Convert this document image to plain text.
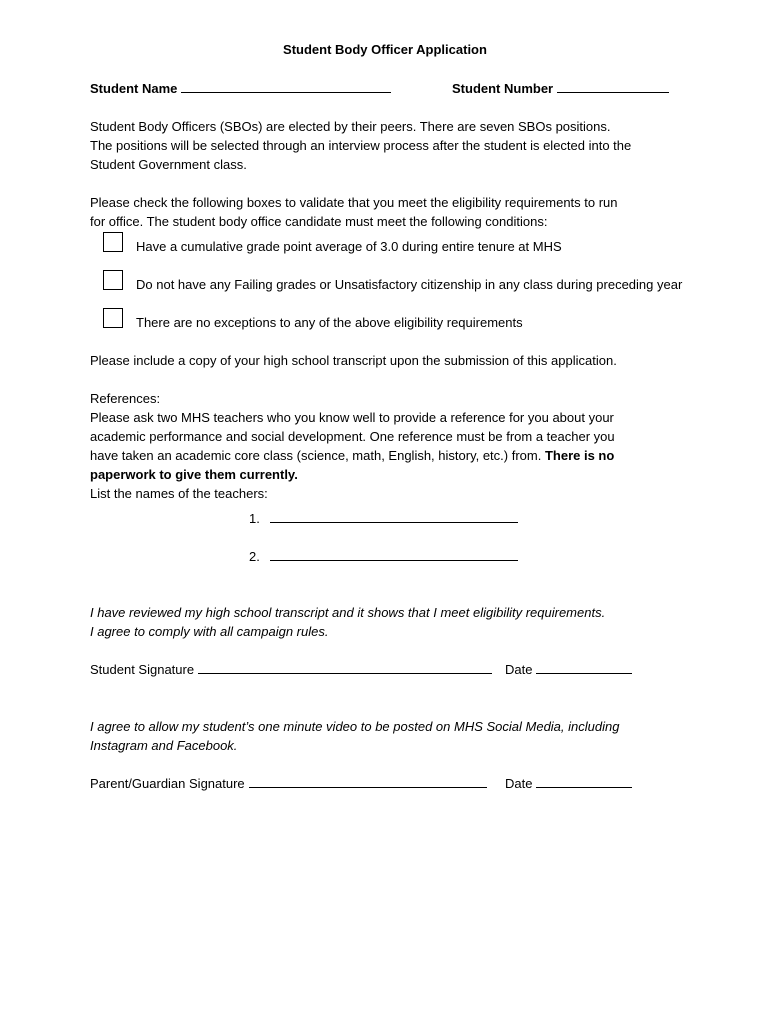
Student Body Officer Application
Student Name	Student Number
Student Body Officers (SBOs) are elected by their peers. There are seven SBOs positions.
The positions will be selected through an interview process after the student is elected into the
Student Government class.
Please check the following boxes to validate that you meet the eligibility requirements to run
for office. The student body office candidate must meet the following conditions:
Have a cumulative grade point average of 3.0 during entire tenure at MHS
Do not have any Failing grades or Unsatisfactory citizenship in any class during preceding year
There are no exceptions to any of the above eligibility requirements
Please include a copy of your high school transcript upon the submission of this application.
References:
Please ask two MHS teachers who you know well to provide a reference for you about your
academic performance and social development. One reference must be from a teacher you
have taken an academic core class (science, math, English, history, etc.) from. There is no
paperwork to give them currently.
List the names of the teachers:
1.
2.
I have reviewed my high school transcript and it shows that I meet eligibility requirements.
I agree to comply with all campaign rules.
Student Signature	Date
I agree to allow my student’s one minute video to be posted on MHS Social Media, including
Instagram and Facebook.
Parent/Guardian Signature	Date
